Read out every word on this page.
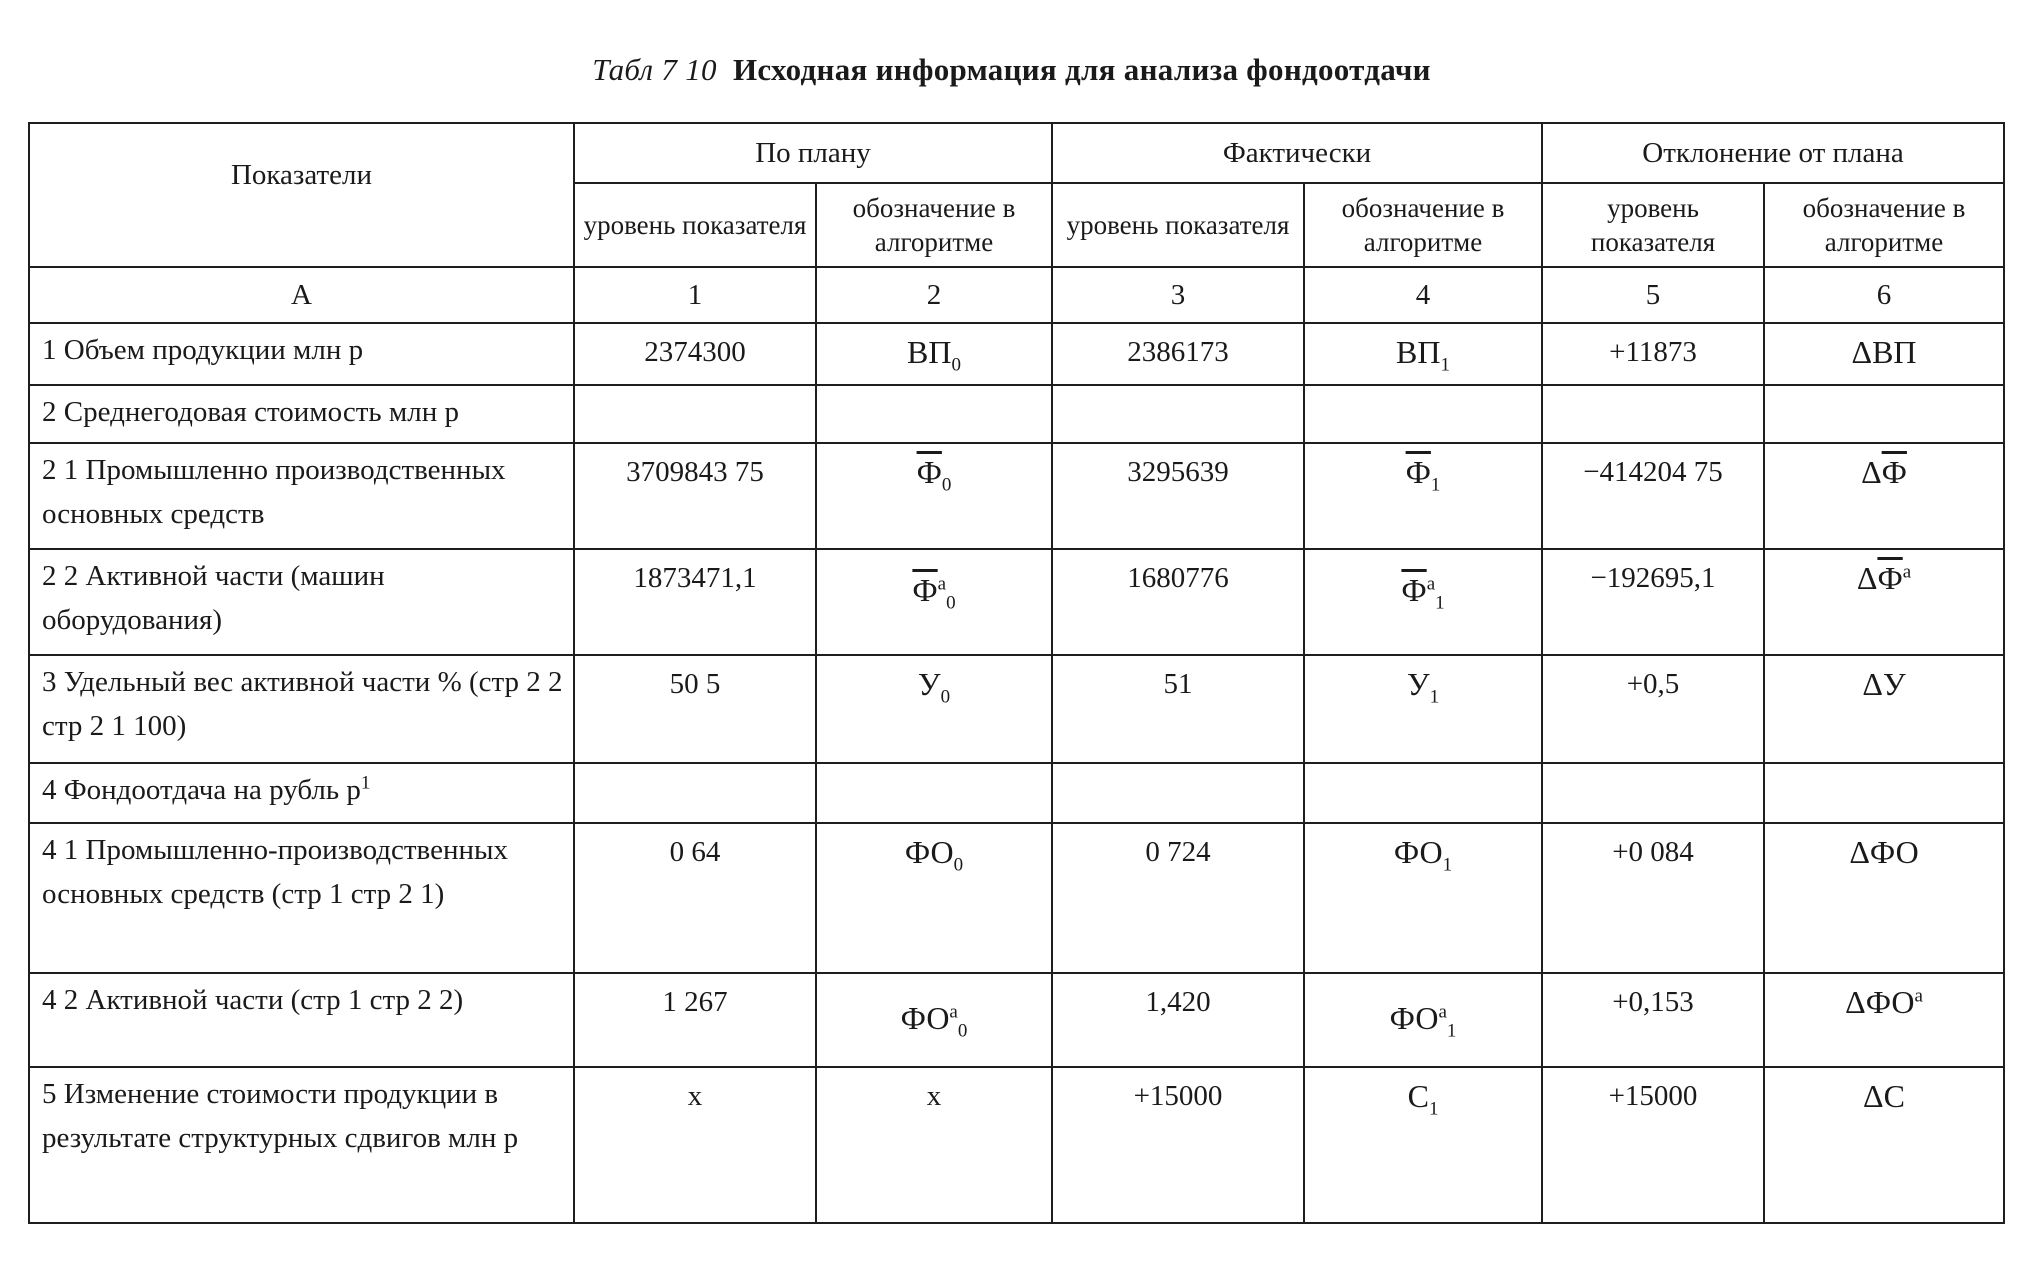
Табл 7 10 Исходная информация для анализа фондоотдачи
Показатели	По плану		Фактически		Отклонение от плана	
	уровень показателя	обозначение в алгоритме	уровень показателя	обозначение в алгоритме	уровень показателя	обозначение в алгоритме
А	1	2	3	4	5	6
1 Объем продукции млн р	2374300	$ВП_0$	2386173	$ВП_1$	+11873	ΔВП
2 Среднегодовая стоимость млн р						
2 1 Промышленно производственных основных средств	3709843 75	$Ф_0$	3295639	$Ф_1$	−414204 75	ΔФ
2 2 Активной части (машин оборудования)	1873471,1	$Ф^а_0$	1680776	$Ф^а_1$	−192695,1	$\Delta Ф^а$
3 Удельный вес активной части % (стр 2 2 стр 2 1 100)	50 5	$У_0$	51	$У_1$	+0,5	ΔУ
4 Фондоотдача на рубль $р^1$						
4 1 Промышленно-производственных основных средств (стр 1 стр 2 1)	0 64	$ФО_0$	0 724	$ФО_1$	+0 084	ΔФО
4 2 Активной части (стр 1 стр 2 2)	1 267	$ФО^а_0$	1,420	$ФО^а_1$	+0,153	$\Delta ФО^а$
5 Изменение стоимости продукции в результате структурных сдвигов млн р	х	х	+15000	$С_1$	+15000	ΔС
